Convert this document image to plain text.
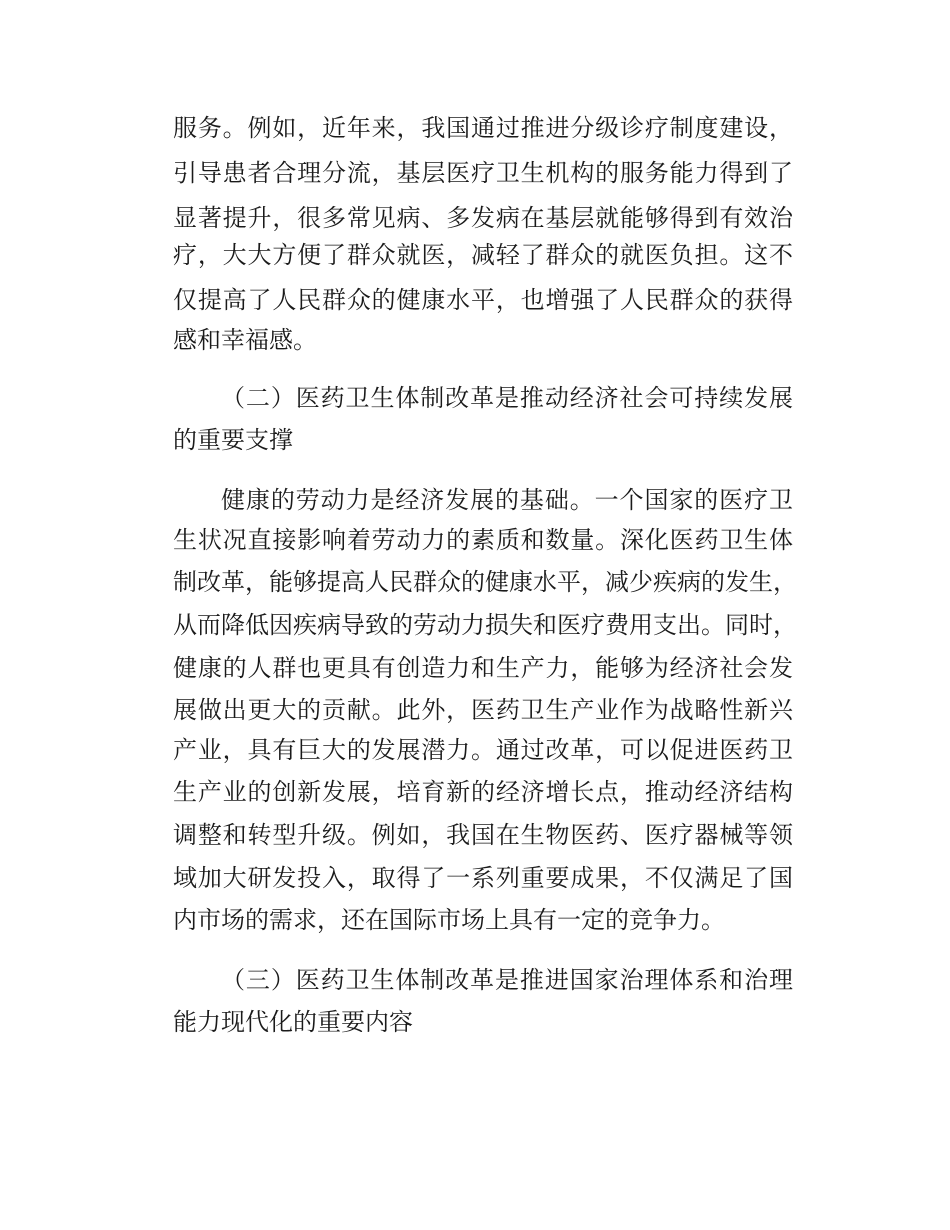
服务。例如，近年来，我国通过推进分级诊疗制度建设，
引导患者合理分流，基层医疗卫生机构的服务能力得到了
显著提升，很多常见病、多发病在基层就能够得到有效治
疗，大大方便了群众就医，减轻了群众的就医负担。这不
仅提高了人民群众的健康水平，也增强了人民群众的获得
感和幸福感。
（二）医药卫生体制改革是推动经济社会可持续发展
的重要支撑
健康的劳动力是经济发展的基础。一个国家的医疗卫
生状况直接影响着劳动力的素质和数量。深化医药卫生体
制改革，能够提高人民群众的健康水平，减少疾病的发生，
从而降低因疾病导致的劳动力损失和医疗费用支出。同时，
健康的人群也更具有创造力和生产力，能够为经济社会发
展做出更大的贡献。此外，医药卫生产业作为战略性新兴
产业，具有巨大的发展潜力。通过改革，可以促进医药卫
生产业的创新发展，培育新的经济增长点，推动经济结构
调整和转型升级。例如，我国在生物医药、医疗器械等领
域加大研发投入，取得了一系列重要成果，不仅满足了国
内市场的需求，还在国际市场上具有一定的竞争力。
（三）医药卫生体制改革是推进国家治理体系和治理
能力现代化的重要内容
